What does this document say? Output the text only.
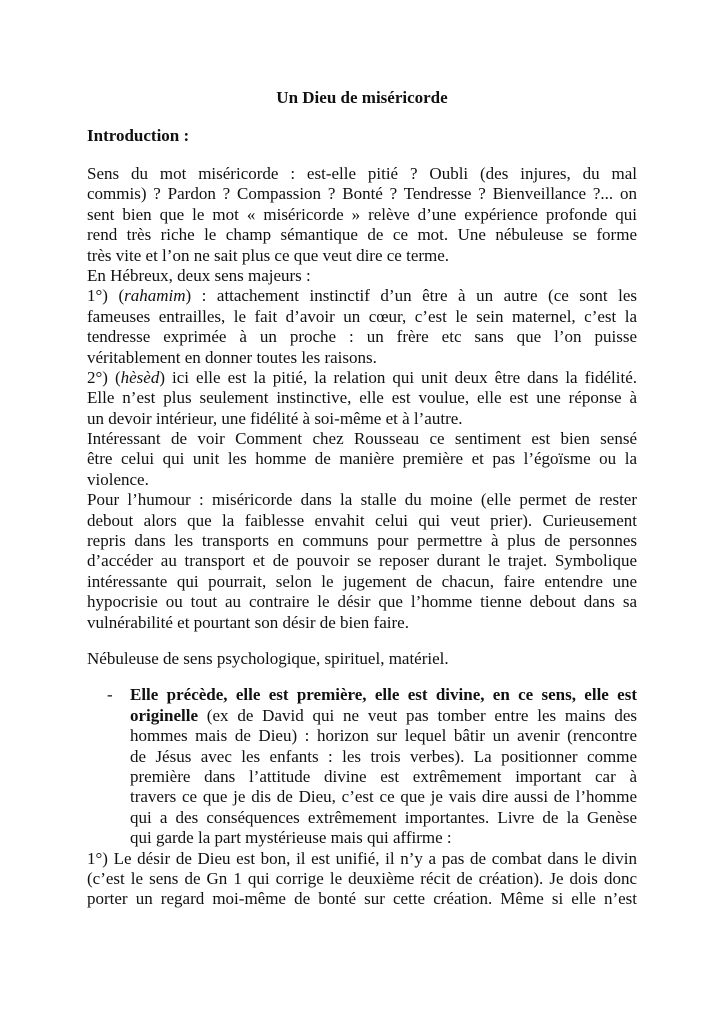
Un Dieu de miséricorde
Introduction :
Sens du mot miséricorde : est-elle pitié ? Oubli (des injures, du mal
commis) ? Pardon ? Compassion ? Bonté ? Tendresse ? Bienveillance ?... on
sent bien que le mot « miséricorde » relève d’une expérience profonde qui
rend très riche le champ sémantique de ce mot. Une nébuleuse se forme
très vite et l’on ne sait plus ce que veut dire ce terme.
En Hébreux, deux sens majeurs :
1°) (rahamim) : attachement instinctif d’un être à un autre (ce sont les
fameuses entrailles, le fait d’avoir un cœur, c’est le sein maternel, c’est la
tendresse exprimée à un proche : un frère etc sans que l’on puisse
véritablement en donner toutes les raisons.
2°) (hèsèd) ici elle est la pitié, la relation qui unit deux être dans la fidélité.
Elle n’est plus seulement instinctive, elle est voulue, elle est une réponse à
un devoir intérieur, une fidélité à soi-même et à l’autre.
Intéressant de voir Comment chez Rousseau ce sentiment est bien sensé
être celui qui unit les homme de manière première et pas l’égoïsme ou la
violence.
Pour l’humour : miséricorde dans la stalle du moine (elle permet de rester
debout alors que la faiblesse envahit celui qui veut prier). Curieusement
repris dans les transports en communs pour permettre à plus de personnes
d’accéder au transport et de pouvoir se reposer durant le trajet. Symbolique
intéressante qui pourrait, selon le jugement de chacun, faire entendre une
hypocrisie ou tout au contraire le désir que l’homme tienne debout dans sa
vulnérabilité et pourtant son désir de bien faire.
Nébuleuse de sens psychologique, spirituel, matériel.
- Elle précède, elle est première, elle est divine, en ce sens, elle est
originelle (ex de David qui ne veut pas tomber entre les mains des
hommes mais de Dieu) : horizon sur lequel bâtir un avenir (rencontre
de Jésus avec les enfants : les trois verbes). La positionner comme
première dans l’attitude divine est extrêmement important car à
travers ce que je dis de Dieu, c’est ce que je vais dire aussi de l’homme
qui a des conséquences extrêmement importantes. Livre de la Genèse
qui garde la part mystérieuse mais qui affirme :
1°) Le désir de Dieu est bon, il est unifié, il n’y a pas de combat dans le divin
(c’est le sens de Gn 1 qui corrige le deuxième récit de création). Je dois donc
porter un regard moi-même de bonté sur cette création. Même si elle n’est
